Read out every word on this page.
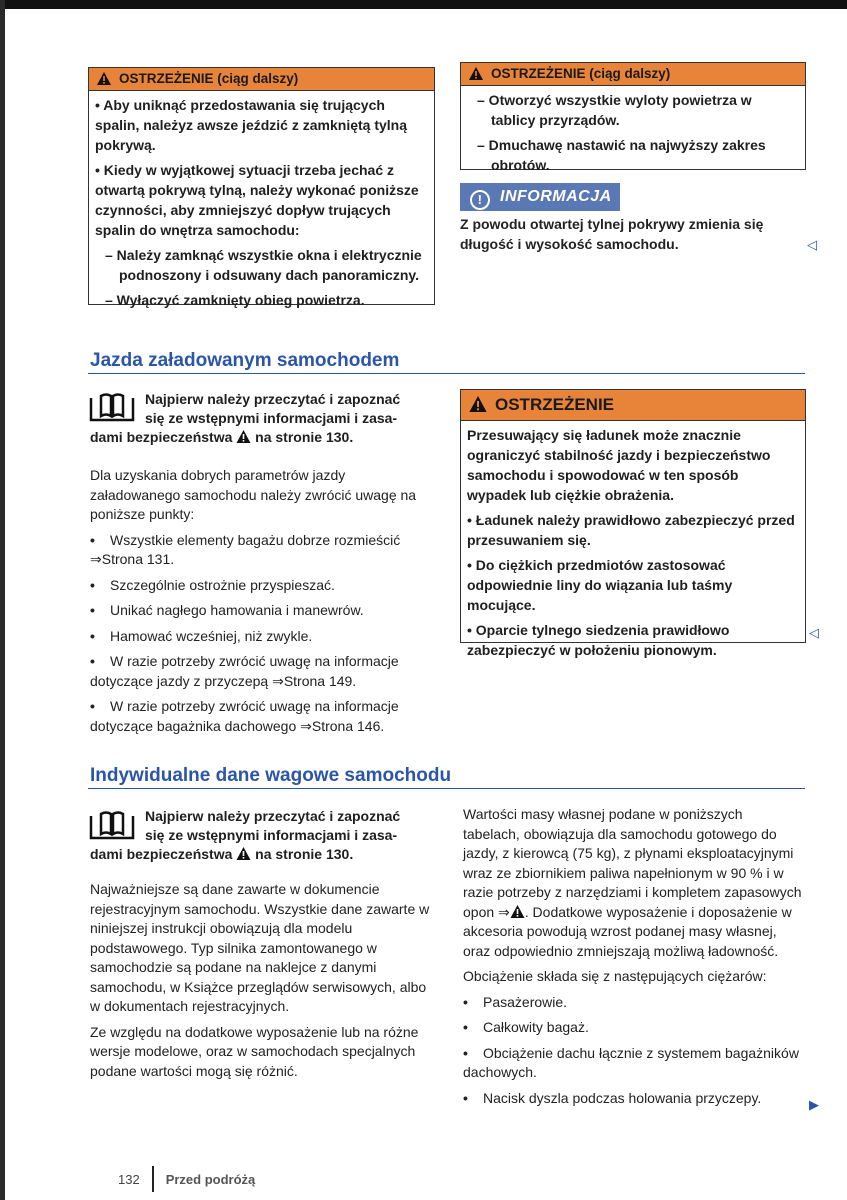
OSTRZEŻENIE (ciąg dalszy)

• Aby uniknąć przedostawania się trujących spalin, należyz awsze jeździć z zamkniętą tylną pokrywą.

• Kiedy w wyjątkowej sytuacji trzeba jechać z otwartą pokrywą tylną, należy wykonać poniższe czynności, aby zmniejszyć dopływ trujących spalin do wnętrza samochodu:

– Należy zamknąć wszystkie okna i elektrycznie podnoszony i odsuwany dach panoramiczny.

– Wyłączyć zamknięty obieg powietrza.

OSTRZEŻENIE (ciąg dalszy)

– Otworzyć wszystkie wyloty powietrza w tablicy przyrządów.

– Dmuchawę nastawić na najwyższy zakres obrotów.

! INFORMACJA

Z powodu otwartej tylnej pokrywy zmienia się długość i wysokość samochodu.	◁
Jazda załadowanym samochodem
Najpierw należy przeczytać i zapoznać
się ze wstępnymi informacjami i zasa-
dami bezpieczeństwa na stronie 130.

Dla uzyskania dobrych parametrów jazdy załadowanego samochodu należy zwrócić uwagę na poniższe punkty:

• Wszystkie elementy bagażu dobrze rozmieścić ⇒Strona 131.

• Szczególnie ostrożnie przyspieszać.

• Unikać nagłego hamowania i manewrów.

• Hamować wcześniej, niż zwykle.

• W razie potrzeby zwrócić uwagę na informacje dotyczące jazdy z przyczepą ⇒Strona 149.

• W razie potrzeby zwrócić uwagę na informacje dotyczące bagażnika dachowego ⇒Strona 146.

OSTRZEŻENIE

Przesuwający się ładunek może znacznie ograniczyć stabilność jazdy i bezpieczeństwo samochodu i spowodować w ten sposób wypadek lub ciężkie obrażenia.

• Ładunek należy prawidłowo zabezpieczyć przed przesuwaniem się.

• Do ciężkich przedmiotów zastosować odpowiednie liny do wiązania lub taśmy mocujące.

• Oparcie tylnego siedzenia prawidłowo zabezpieczyć w położeniu pionowym.

◁
Indywidualne dane wagowe samochodu
Najpierw należy przeczytać i zapoznać
się ze wstępnymi informacjami i zasa-
dami bezpieczeństwa na stronie 130.

Najważniejsze są dane zawarte w dokumencie rejestracyjnym samochodu. Wszystkie dane zawarte w niniejszej instrukcji obowiązują dla modelu podstawowego. Typ silnika zamontowanego w samochodzie są podane na naklejce z danymi samochodu, w Książce przeglądów serwisowych, albo w dokumentach rejestracyjnych.

Ze względu na dodatkowe wyposażenie lub na różne wersje modelowe, oraz w samochodach specjalnych podane wartości mogą się różnić.

Wartości masy własnej podane w poniższych tabelach, obowiązuja dla samochodu gotowego do jazdy, z kierowcą (75 kg), z płynami eksploatacyjnymi wraz ze zbiornikiem paliwa napełnionym w 90 % i w razie potrzeby z narzędziami i kompletem zapasowych opon ⇒ . Dodatkowe wyposażenie i doposażenie w akcesoria powodują wzrost podanej masy własnej, oraz odpowiednio zmniejszają możliwą ładowność.

Obciążenie składa się z następujących ciężarów:

• Pasażerowie.

• Całkowity bagaż.

• Obciążenie dachu łącznie z systemem bagażników dachowych.

• Nacisk dyszla podczas holowania przyczepy.	▶
132 Przed podróżą
